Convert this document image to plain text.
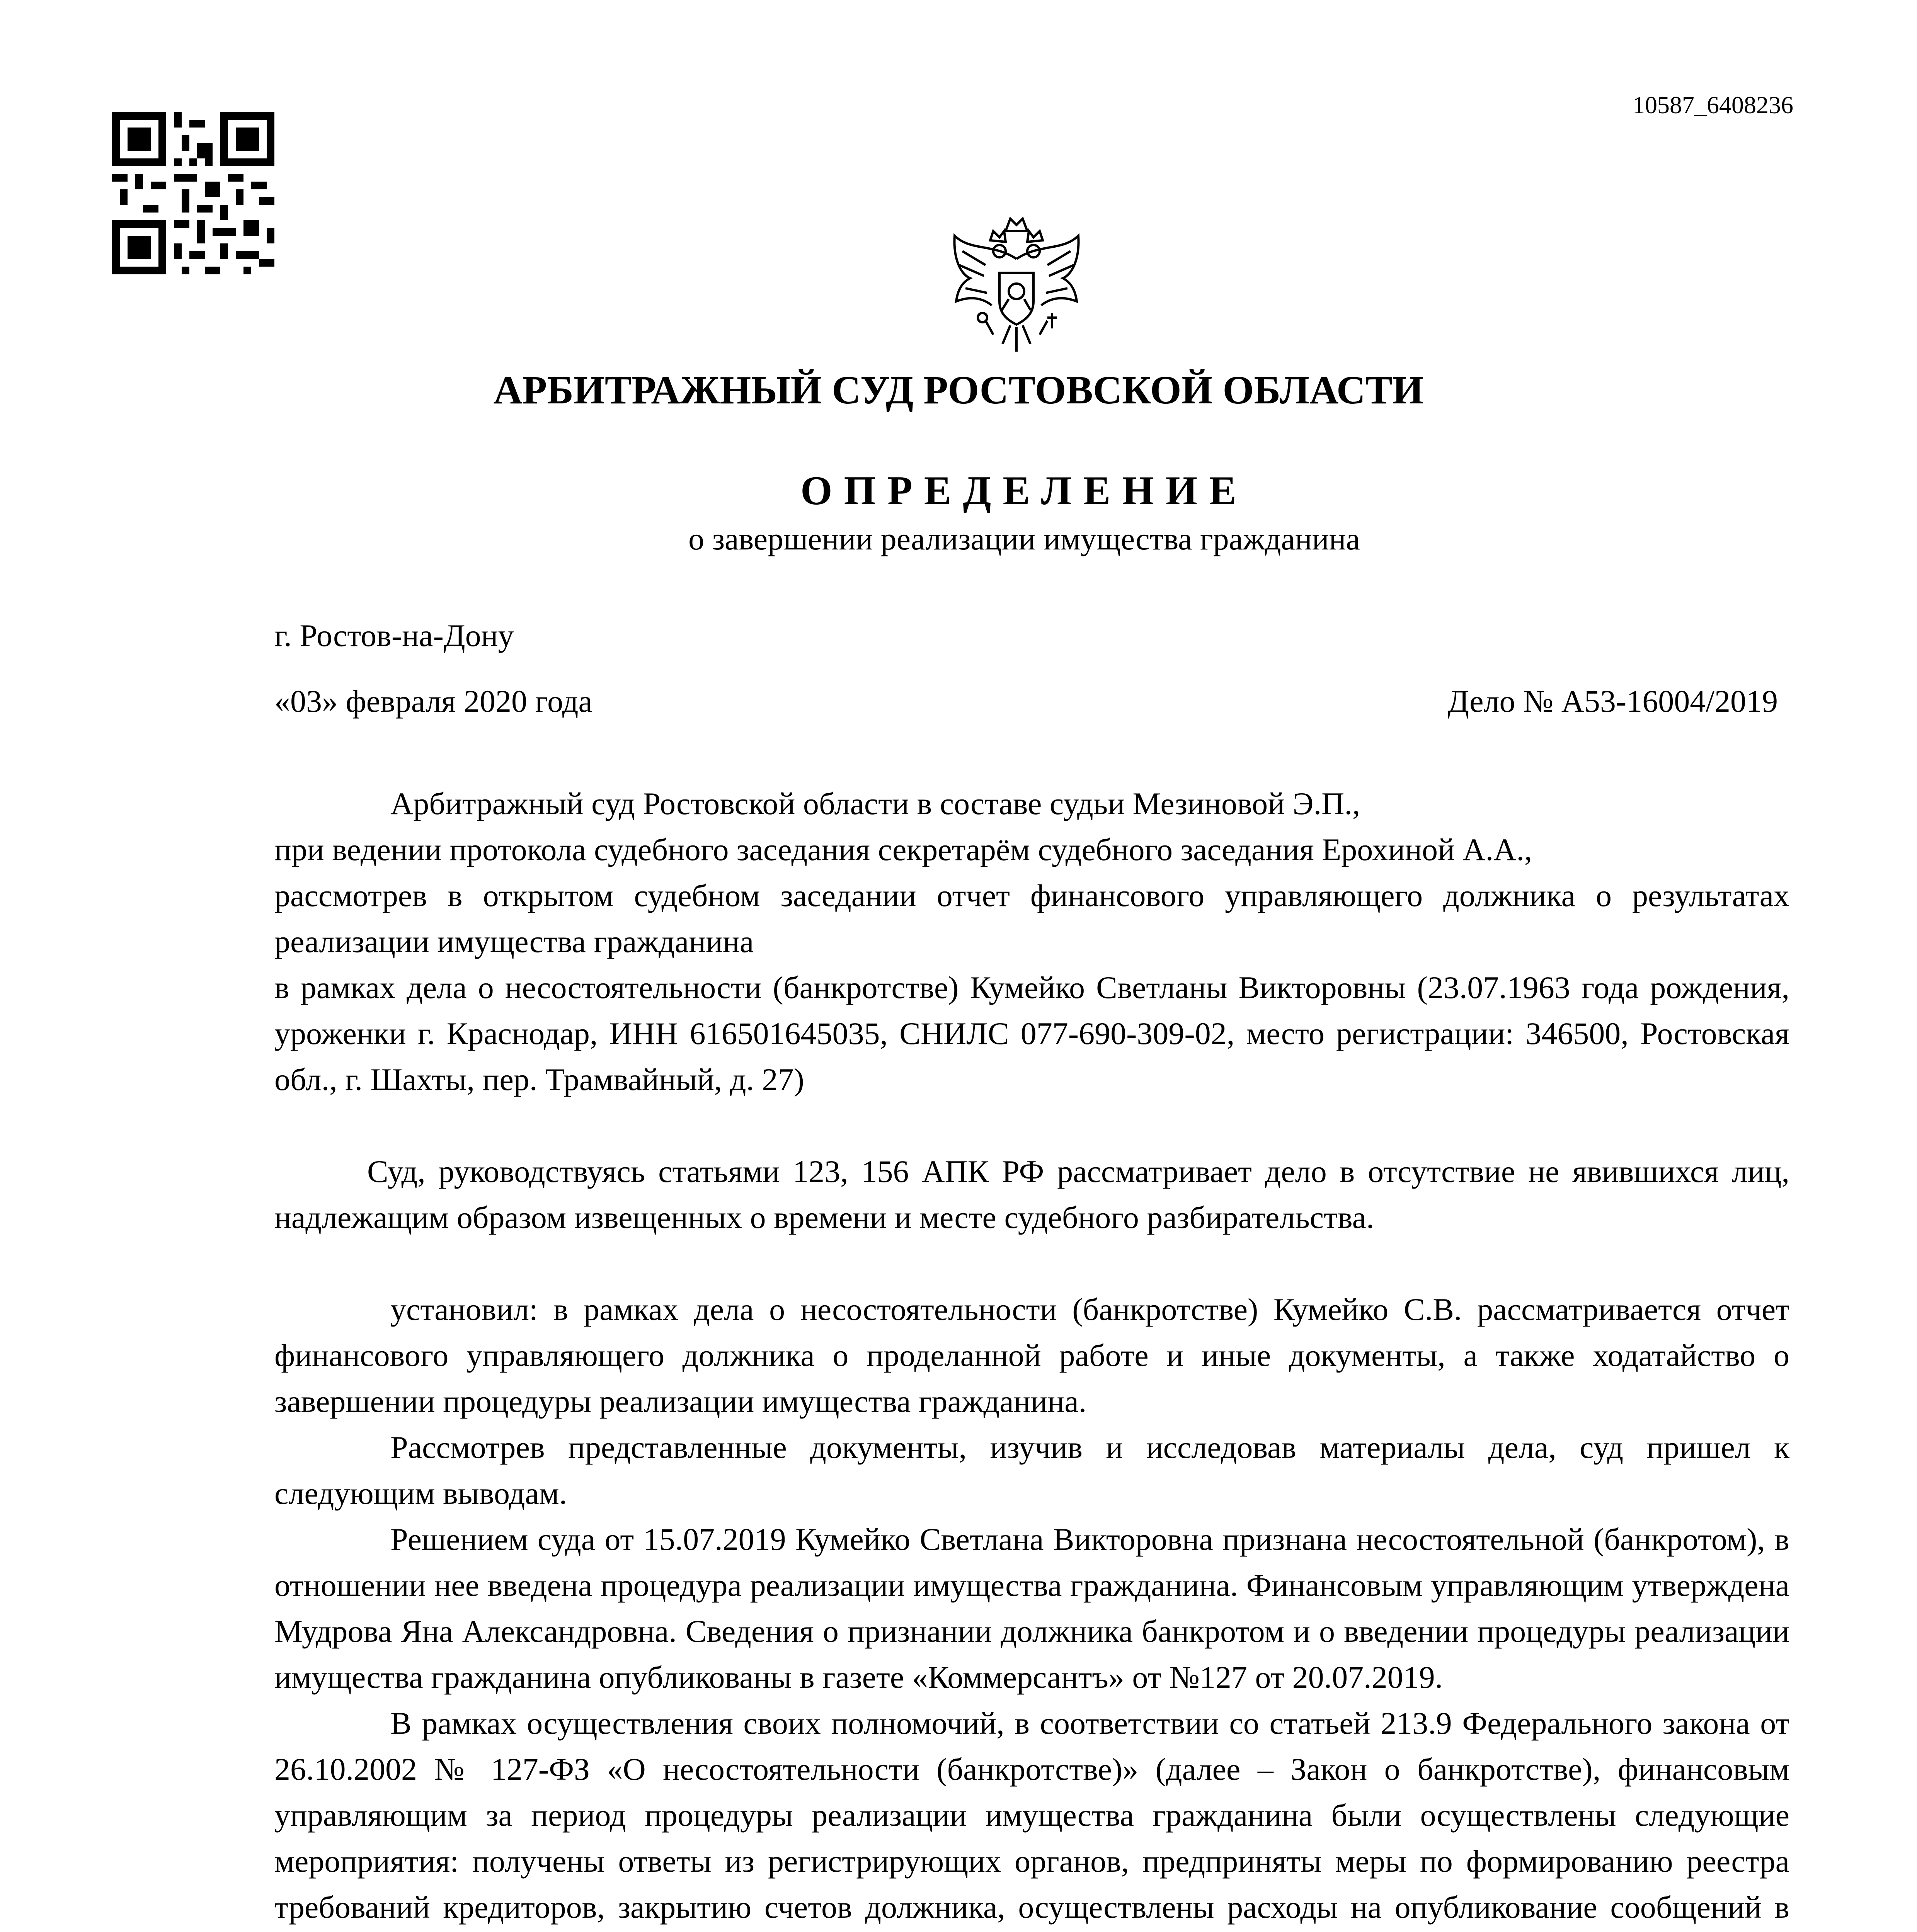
10587_6408236
АРБИТРАЖНЫЙ СУД РОСТОВСКОЙ ОБЛАСТИ
ОПРЕДЕЛЕНИЕ
о завершении реализации имущества гражданина
г. Ростов-на-Дону
«03» февраля 2020 года	Дело № А53-16004/2019

Арбитражный суд Ростовской области в составе судьи Мезиновой Э.П.,

при ведении протокола судебного заседания секретарём судебного заседания Ерохиной А.А.,

рассмотрев в открытом судебном заседании отчет финансового управляющего должника о результатах реализации имущества гражданина

в рамках дела о несостоятельности (банкротстве) Кумейко Светланы Викторовны (23.07.1963 года рождения, уроженки г. Краснодар, ИНН 616501645035, СНИЛС 077-690-309-02, место регистрации: 346500, Ростовская обл., г. Шахты, пер. Трамвайный, д. 27)

Суд, руководствуясь статьями 123, 156 АПК РФ рассматривает дело в отсутствие не явившихся лиц, надлежащим образом извещенных о времени и месте судебного разбирательства.

установил: в рамках дела о несостоятельности (банкротстве) Кумейко С.В. рассматривается отчет финансового управляющего должника о проделанной работе и иные документы, а также ходатайство о завершении процедуры реализации имущества гражданина.

Рассмотрев представленные документы, изучив и исследовав материалы дела, суд пришел к следующим выводам.

Решением суда от 15.07.2019 Кумейко Светлана Викторовна признана несостоятельной (банкротом), в отношении нее введена процедура реализации имущества гражданина. Финансовым управляющим утверждена Мудрова Яна Александровна. Сведения о признании должника банкротом и о введении процедуры реализации имущества гражданина опубликованы в газете «Коммерсантъ» от №127 от 20.07.2019.

В рамках осуществления своих полномочий, в соответствии со статьей 213.9 Федерального закона от 26.10.2002 № 127-ФЗ «О несостоятельности (банкротстве)» (далее – Закон о банкротстве), финансовым управляющим за период процедуры реализации имущества гражданина были осуществлены следующие мероприятия: получены ответы из регистрирующих органов, предприняты меры по формированию реестра требований кредиторов, закрытию счетов должника, осуществлены расходы на опубликование сообщений в
